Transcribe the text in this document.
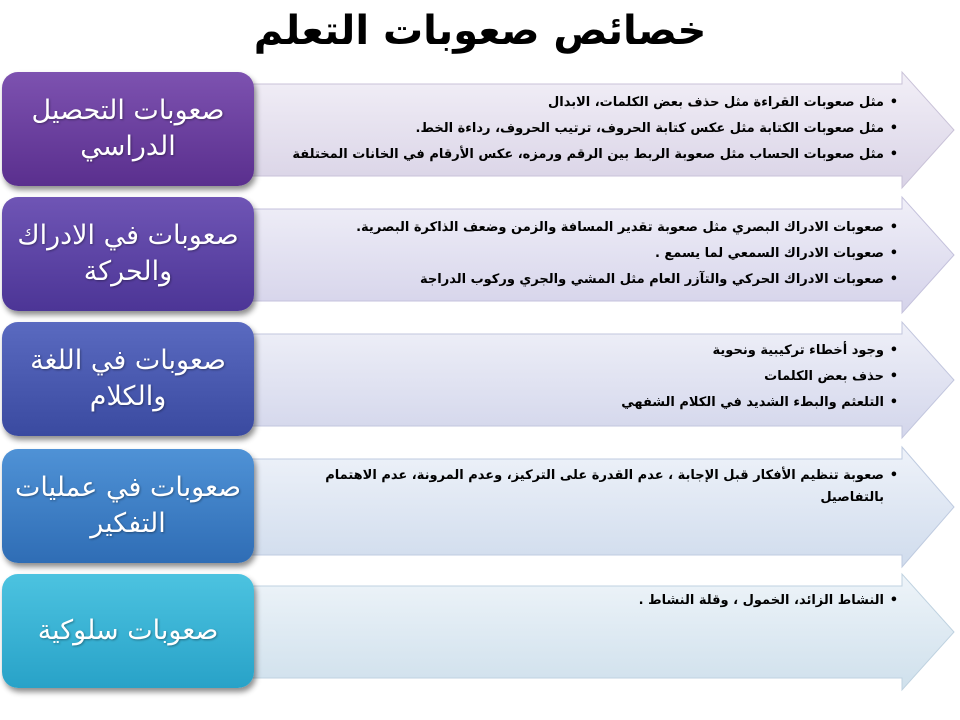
خصائص صعوبات التعلم
صعوبات التحصيل الدراسي
• مثل صعوبات القراءة مثل حذف بعض الكلمات، الابدال
• مثل صعوبات الكتابة مثل عكس كتابة الحروف، ترتيب الحروف، رداءة الخط.
• مثل صعوبات الحساب مثل صعوبة الربط بين الرقم ورمزه، عكس الأرقام في الخانات المختلفة
صعوبات في الادراك والحركة
• صعوبات الادراك البصري مثل صعوبة تقدير المسافة والزمن وضعف الذاكرة البصرية.
• صعوبات الادراك السمعي لما يسمع .
• صعوبات الادراك الحركي والتآزر العام مثل المشي والجري وركوب الدراجة
صعوبات في اللغة والكلام
• وجود أخطاء تركيبية ونحوية
• حذف بعض الكلمات
• التلعثم والبطء الشديد في الكلام الشفهي
صعوبات في عمليات التفكير
• صعوبة تنظيم الأفكار قبل الإجابة ، عدم القدرة على التركيز، وعدم المرونة، عدم الاهتمام بالتفاصيل
صعوبات سلوكية
• النشاط الزائد، الخمول ، وقلة النشاط .
